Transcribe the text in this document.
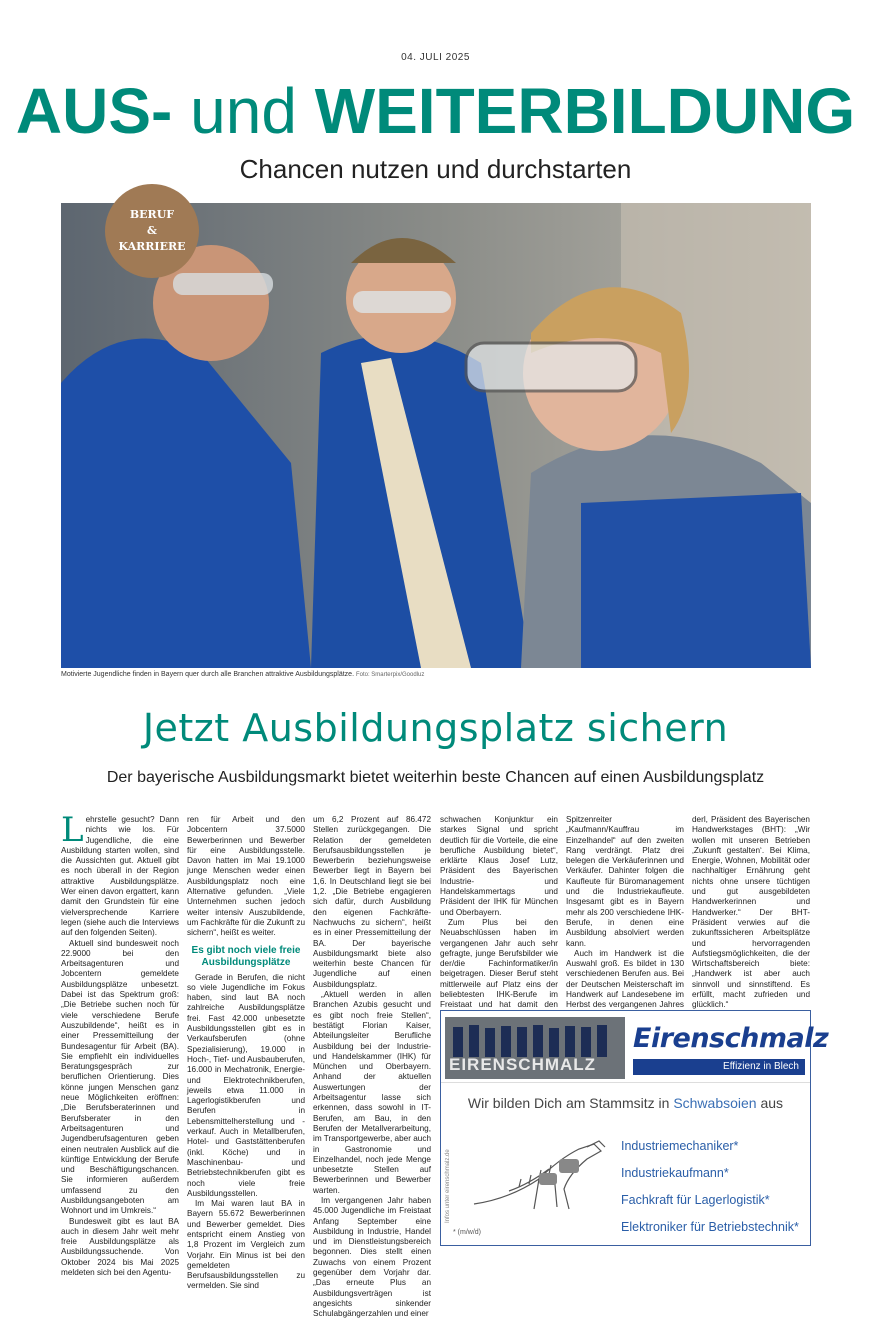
04. JULI 2025
AUS- und WEITERBILDUNG
Chancen nutzen und durchstarten
BERUF
&
KARRIERE
Motivierte Jugendliche finden in Bayern quer durch alle Branchen attraktive Ausbildungsplätze. Foto: Smarterpix/Goodluz
Jetzt Ausbildungsplatz sichern
Der bayerische Ausbildungsmarkt bietet weiterhin beste Chancen auf einen Ausbildungsplatz

Lehrstelle gesucht? Dann nichts wie los. Für Jugendliche, die eine Ausbildung starten wollen, sind die Aussichten gut. Aktuell gibt es noch überall in der Region attraktive Ausbildungsplätze. Wer einen davon ergattert, kann damit den Grundstein für eine vielversprechende Karriere legen (siehe auch die Interviews auf den folgenden Seiten).

Aktuell sind bundesweit noch 22.9000 bei den Arbeitsagenturen und Jobcentern gemeldete Ausbildungsplätze unbesetzt. Dabei ist das Spektrum groß: „Die Betriebe suchen noch für viele verschiedene Berufe Auszubildende“, heißt es in einer Pressemitteilung der Bundesagentur für Arbeit (BA). Sie empfiehlt ein individuelles Beratungsgespräch zur beruflichen Orientierung. Dies könne jungen Menschen ganz neue Möglichkeiten eröffnen: „Die Berufsberaterinnen und Berufsberater in den Arbeitsagenturen und Jugendberufsagenturen geben einen neutralen Ausblick auf die künftige Entwicklung der Berufe und Beschäftigungschancen. Sie informieren außerdem umfassend zu den Ausbildungsangeboten am Wohnort und im Umkreis.“

Bundesweit gibt es laut BA auch in diesem Jahr weit mehr freie Ausbildungsplätze als Ausbildungssuchende. Von Oktober 2024 bis Mai 2025 meldeten sich bei den Agentu-

ren für Arbeit und den Jobcentern 37.5000 Bewerberinnen und Bewerber für eine Ausbildungsstelle. Davon hatten im Mai 19.1000 junge Menschen weder einen Ausbildungsplatz noch eine Alternative gefunden. „Viele Unternehmen suchen jedoch weiter intensiv Auszubildende, um Fachkräfte für die Zukunft zu sichern“, heißt es weiter.

Es gibt noch viele freie Ausbildungsplätze

Gerade in Berufen, die nicht so viele Jugendliche im Fokus haben, sind laut BA noch zahlreiche Ausbildungsplätze frei. Fast 42.000 unbesetzte Ausbildungsstellen gibt es in Verkaufsberufen (ohne Spezialisierung), 19.000 in Hoch-, Tief- und Ausbauberufen, 16.000 in Mechatronik, Energie- und Elektrotechnikberufen, jeweils etwa 11.000 in Lagerlogistikberufen und Berufen in Lebensmittelherstellung und -verkauf. Auch in Metallberufen, Hotel- und Gaststättenberufen (inkl. Köche) und in Maschinenbau- und Betriebstechnikberufen gibt es noch viele freie Ausbildungsstellen.

Im Mai waren laut BA in Bayern 55.672 Bewerberinnen und Bewerber gemeldet. Dies entspricht einem Anstieg von 1,8 Prozent im Vergleich zum Vorjahr. Ein Minus ist bei den gemeldeten Berufsausbildungsstellen zu vermelden. Sie sind

um 6,2 Prozent auf 86.472 Stellen zurückgegangen. Die Relation der gemeldeten Berufsausbildungsstellen je Bewerberin beziehungsweise Bewerber liegt in Bayern bei 1,6. In Deutschland liegt sie bei 1,2. „Die Betriebe engagieren sich dafür, durch Ausbildung den eigenen Fachkräfte-Nachwuchs zu sichern“, heißt es in einer Pressemitteilung der BA. Der bayerische Ausbildungsmarkt biete also weiterhin beste Chancen für Jugendliche auf einen Ausbildungsplatz.

„Aktuell werden in allen Branchen Azubis gesucht und es gibt noch freie Stellen“, bestätigt Florian Kaiser, Abteilungsleiter Berufliche Ausbildung bei der Industrie- und Handelskammer (IHK) für München und Oberbayern. Anhand der aktuellen Auswertungen der Arbeitsagentur lasse sich erkennen, dass sowohl in IT-Berufen, am Bau, in den Berufen der Metallverarbeitung, im Transportgewerbe, aber auch in Gastronomie und Einzelhandel, noch jede Menge unbesetzte Stellen auf Bewerberinnen und Bewerber warten.

Im vergangenen Jahr haben 45.000 Jugendliche im Freistaat Anfang September eine Ausbildung in Industrie, Handel und im Dienstleistungsbereich begonnen. Dies stellt einen Zuwachs von einem Prozent gegenüber dem Vorjahr dar. „Das erneute Plus an Ausbildungsverträgen ist angesichts sinkender Schulabgängerzahlen und einer

schwachen Konjunktur ein starkes Signal und spricht deutlich für die Vorteile, die eine berufliche Ausbildung bietet“, erklärte Klaus Josef Lutz, Präsident des Bayerischen Industrie- und Handelskammertags und Präsident der IHK für München und Oberbayern.

Zum Plus bei den Neuabschlüssen haben im vergangenen Jahr auch sehr gefragte, junge Berufsbilder wie der/die Fachinformatiker/in beigetragen. Dieser Beruf steht mittlerweile auf Platz eins der beliebtesten IHK-Berufe im Freistaat und hat damit den

Spitzenreiter „Kaufmann/Kauffrau im Einzelhandel“ auf den zweiten Rang verdrängt. Platz drei belegen die Verkäuferinnen und Verkäufer. Dahinter folgen die Kaufleute für Büromanagement und die Industriekaufleute. Insgesamt gibt es in Bayern mehr als 200 verschiedene IHK-Berufe, in denen eine Ausbildung absolviert werden kann.

Auch im Handwerk ist die Auswahl groß. Es bildet in 130 verschiedenen Berufen aus. Bei der Deutschen Meisterschaft im Handwerk auf Landesebene im Herbst des vergangenen Jahres

derl, Präsident des Bayerischen Handwerkstages (BHT): „Wir wollen mit unseren Betrieben ‚Zukunft gestalten‘. Bei Klima, Energie, Wohnen, Mobilität oder nachhaltiger Ernährung geht nichts ohne unsere tüchtigen und gut ausgebildeten Handwerkerinnen und Handwerker.“ Der BHT-Präsident verwies auf die zukunftssicheren Arbeitsplätze und hervorragenden Aufstiegsmöglichkeiten, die der Wirtschaftsbereich biete: „Handwerk ist aber auch sinnvoll und sinnstiftend. Es erfüllt, macht zufrieden und glücklich.“

EIRENSCHMALZ
Eirenschmalz
Effizienz in Blech
Wir bilden Dich am Stammsitz in Schwabsoien aus
Infos unter eirenschmalz.de
Industriemechaniker*
Industriekaufmann*
Fachkraft für Lagerlogistik*
Elektroniker für Betriebstechnik*
* (m/w/d)
